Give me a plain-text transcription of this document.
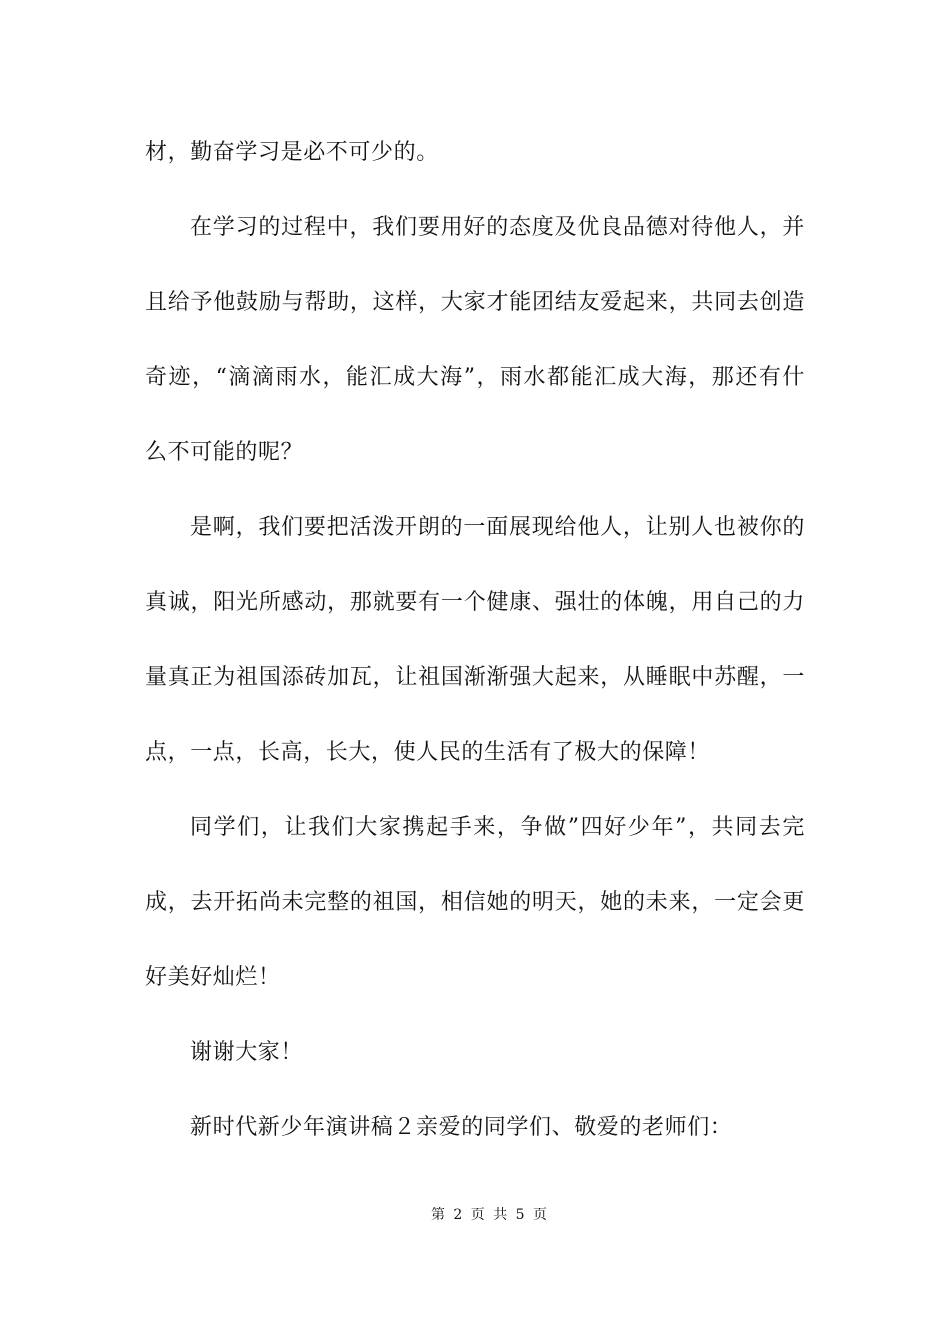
材，勤奋学习是必不可少的。
在学习的过程中，我们要用好的态度及优良品德对待他人，并
且给予他鼓励与帮助，这样，大家才能团结友爱起来，共同去创造
奇迹，“滴滴雨水，能汇成大海”，雨水都能汇成大海，那还有什
么不可能的呢？
是啊，我们要把活泼开朗的一面展现给他人，让别人也被你的
真诚，阳光所感动，那就要有一个健康、强壮的体魄，用自己的力
量真正为祖国添砖加瓦，让祖国渐渐强大起来，从睡眠中苏醒，一
点，一点，长高，长大，使人民的生活有了极大的保障！
同学们，让我们大家携起手来，争做”四好少年”，共同去完
成，去开拓尚未完整的祖国，相信她的明天，她的未来，一定会更
好美好灿烂！
谢谢大家！
新时代新少年演讲稿２亲爱的同学们、敬爱的老师们：
第 2 页 共 5 页
